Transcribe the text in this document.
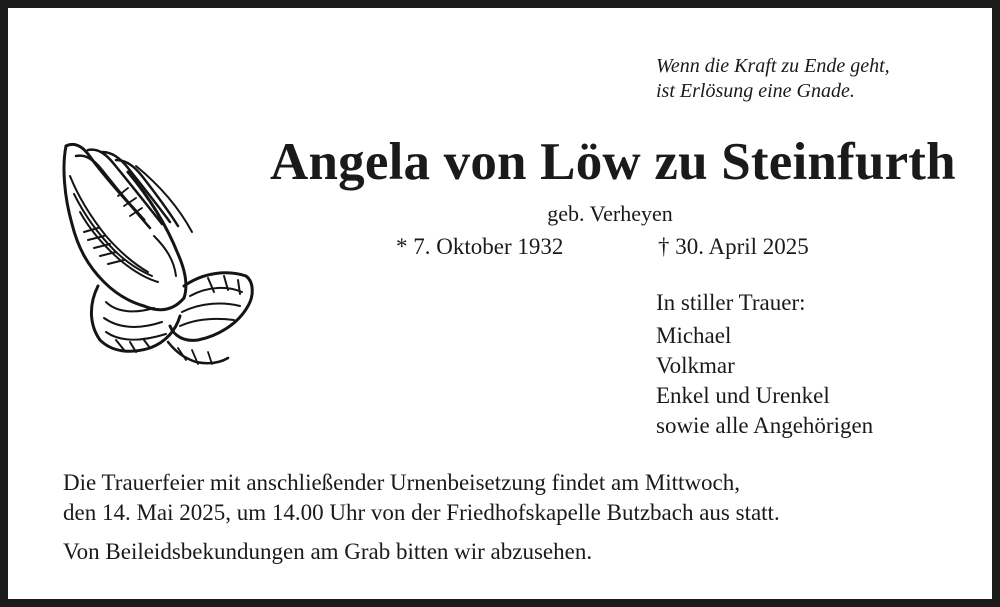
Wenn die Kraft zu Ende geht,
ist Erlösung eine Gnade.
Angela von Löw zu Steinfurth
geb. Verheyen
* 7. Oktober 1932	† 30. April 2025
In stiller Trauer:
Michael
Volkmar
Enkel und Urenkel
sowie alle Angehörigen
Die Trauerfeier mit anschließender Urnenbeisetzung findet am Mittwoch,
den 14. Mai 2025, um 14.00 Uhr von der Friedhofskapelle Butzbach aus statt.
Von Beileidsbekundungen am Grab bitten wir abzusehen.
